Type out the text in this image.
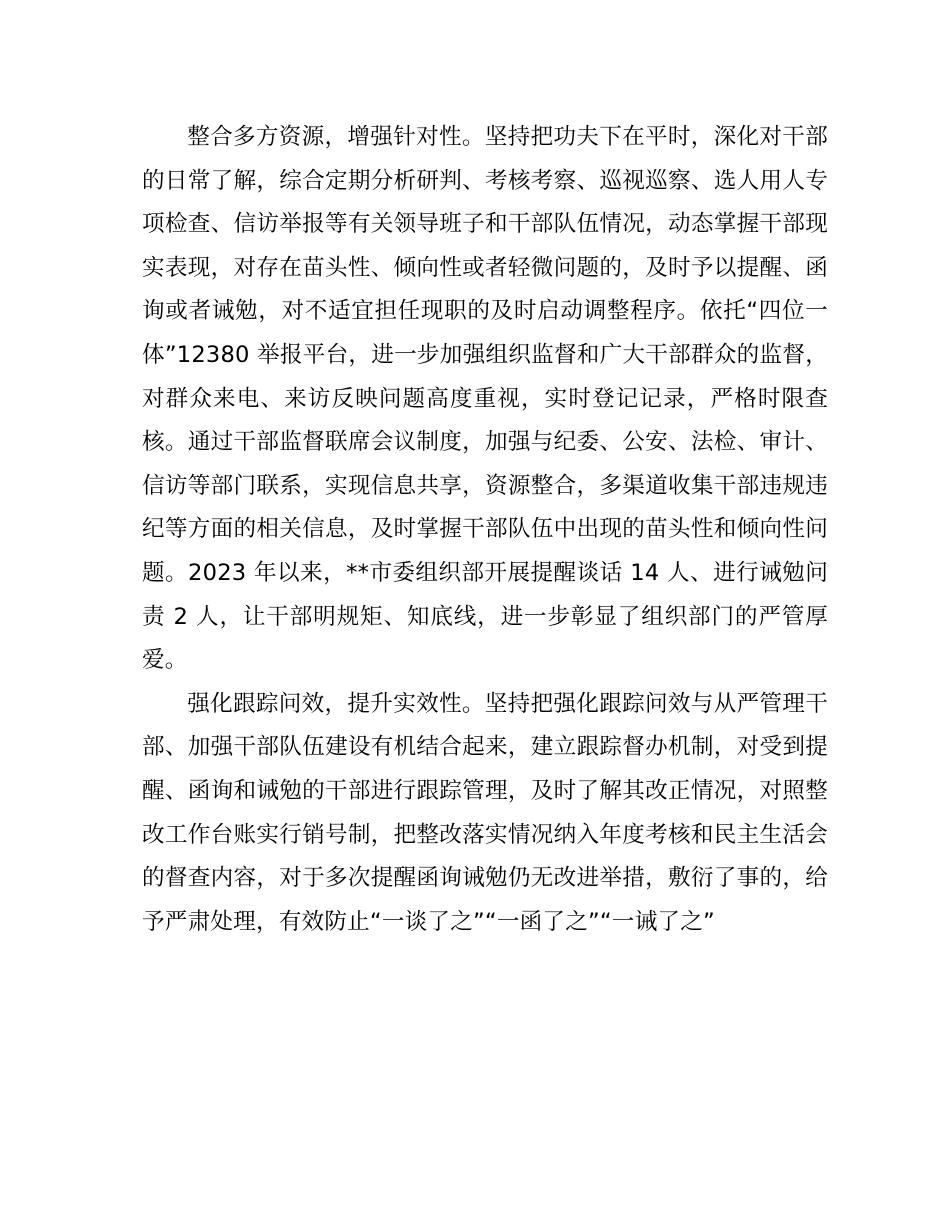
整合多方资源，增强针对性。坚持把功夫下在平时，深化对干部的日常了解，综合定期分析研判、考核考察、巡视巡察、选人用人专项检查、信访举报等有关领导班子和干部队伍情况，动态掌握干部现实表现，对存在苗头性、倾向性或者轻微问题的，及时予以提醒、函询或者诫勉，对不适宜担任现职的及时启动调整程序。依托“四位一体”12380 举报平台，进一步加强组织监督和广大干部群众的监督，对群众来电、来访反映问题高度重视，实时登记记录，严格时限查核。通过干部监督联席会议制度，加强与纪委、公安、法检、审计、信访等部门联系，实现信息共享，资源整合，多渠道收集干部违规违纪等方面的相关信息，及时掌握干部队伍中出现的苗头性和倾向性问题。2023 年以来，**市委组织部开展提醒谈话 14 人、进行诫勉问责 2 人，让干部明规矩、知底线，进一步彰显了组织部门的严管厚爱。

强化跟踪问效，提升实效性。坚持把强化跟踪问效与从严管理干部、加强干部队伍建设有机结合起来，建立跟踪督办机制，对受到提醒、函询和诫勉的干部进行跟踪管理，及时了解其改正情况，对照整改工作台账实行销号制，把整改落实情况纳入年度考核和民主生活会的督查内容，对于多次提醒函询诫勉仍无改进举措，敷衍了事的，给予严肃处理，有效防止“一谈了之”“一函了之”“一诫了之”
